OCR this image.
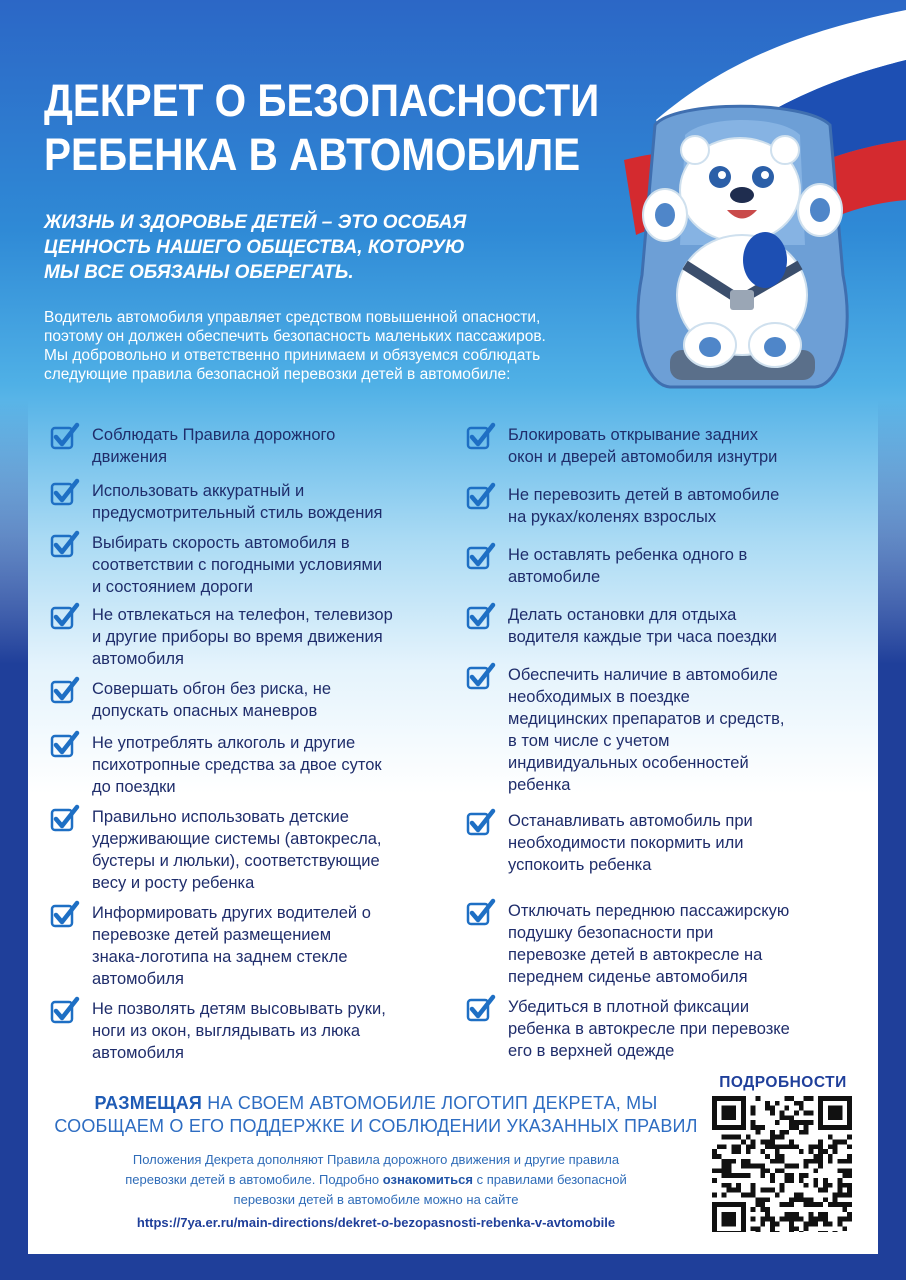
ДЕКРЕТ О БЕЗОПАСНОСТИ
РЕБЕНКА В АВТОМОБИЛЕ
ЖИЗНЬ И ЗДОРОВЬЕ ДЕТЕЙ – ЭТО ОСОБАЯ
ЦЕННОСТЬ НАШЕГО ОБЩЕСТВА, КОТОРУЮ
МЫ ВСЕ ОБЯЗАНЫ ОБЕРЕГАТЬ.
Водитель автомобиля управляет средством повышенной опасности,
поэтому он должен обеспечить безопасность маленьких пассажиров.
Мы добровольно и ответственно принимаем и обязуемся соблюдать
следующие правила безопасной перевозки детей в автомобиле:
Соблюдать Правила дорожного
движения
Использовать аккуратный и
предусмотрительный стиль вождения
Выбирать скорость автомобиля в
соответствии с погодными условиями
и состоянием дороги
Не отвлекаться на телефон, телевизор
и другие приборы во время движения
автомобиля
Совершать обгон без риска, не
допускать опасных маневров
Не употреблять алкоголь и другие
психотропные средства за двое суток
до поездки
Правильно использовать детские
удерживающие системы (автокресла,
бустеры и люльки), соответствующие
весу и росту ребенка
Информировать других водителей о
перевозке детей размещением
знака-логотипа на заднем стекле
автомобиля
Не позволять детям высовывать руки,
ноги из окон, выглядывать из люка
автомобиля
Блокировать открывание задних
окон и дверей автомобиля изнутри
Не перевозить детей в автомобиле
на руках/коленях взрослых
Не оставлять ребенка одного в
автомобиле
Делать остановки для отдыха
водителя каждые три часа поездки
Обеспечить наличие в автомобиле
необходимых в поездке
медицинских препаратов и средств,
в том числе с учетом
индивидуальных особенностей
ребенка
Останавливать автомобиль при
необходимости покормить или
успокоить ребенка
Отключать переднюю пассажирскую
подушку безопасности при
перевозке детей в автокресле на
переднем сиденье автомобиля
Убедиться в плотной фиксации
ребенка в автокресле при перевозке
его в верхней одежде
РАЗМЕЩАЯ НА СВОЕМ АВТОМОБИЛЕ ЛОГОТИП ДЕКРЕТА, МЫ
СООБЩАЕМ О ЕГО ПОДДЕРЖКЕ И СОБЛЮДЕНИИ УКАЗАННЫХ ПРАВИЛ
Положения Декрета дополняют Правила дорожного движения и другие правила
перевозки детей в автомобиле. Подробно ознакомиться с правилами безопасной
перевозки детей в автомобиле можно на сайте
https://7ya.er.ru/main-directions/dekret-o-bezopasnosti-rebenka-v-avtomobile
ПОДРОБНОСТИ
